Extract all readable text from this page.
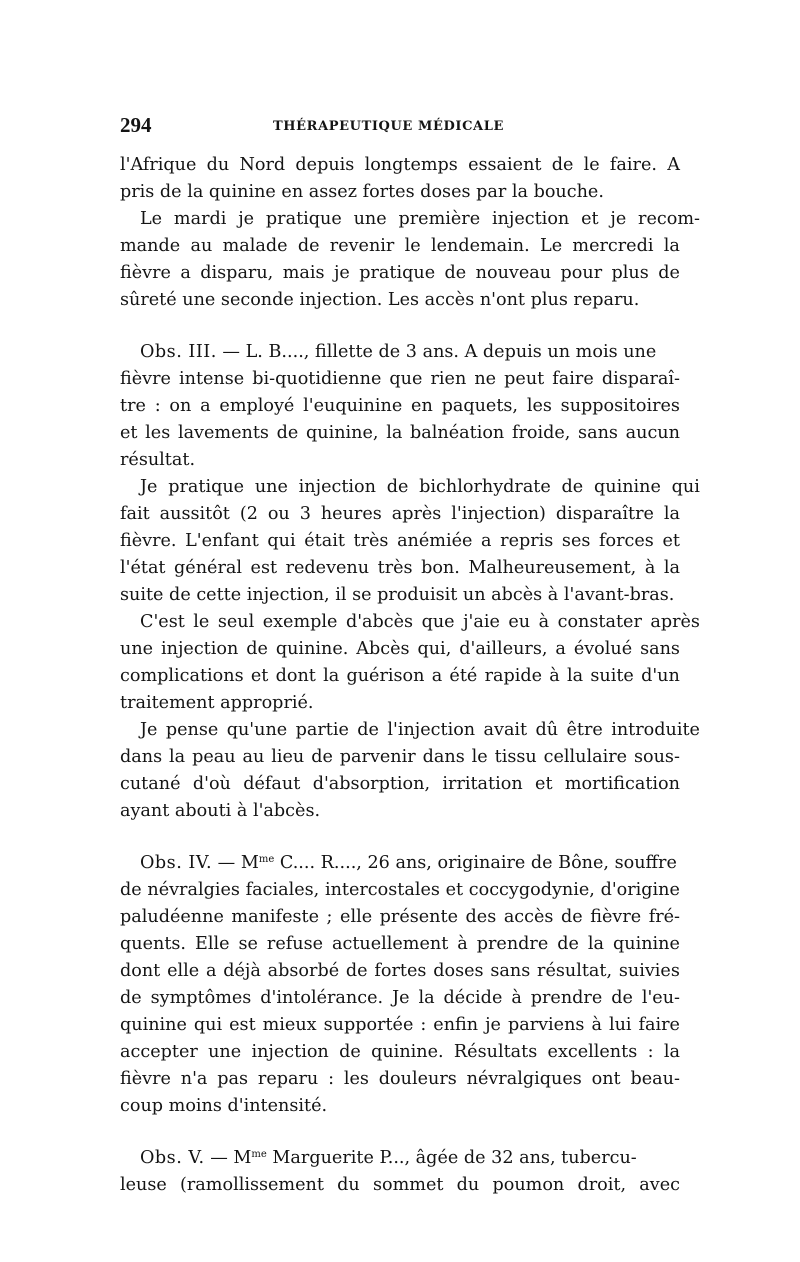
294	THÉRAPEUTIQUE MÉDICALE
l'Afrique du Nord depuis longtemps essaient de le faire. A
pris de la quinine en assez fortes doses par la bouche.
Le mardi je pratique une première injection et je recom-
mande au malade de revenir le lendemain. Le mercredi la
fièvre a disparu, mais je pratique de nouveau pour plus de
sûreté une seconde injection. Les accès n'ont plus reparu.
Obs. III. — L. B...., fillette de 3 ans. A depuis un mois une
fièvre intense bi-quotidienne que rien ne peut faire disparaî-
tre : on a employé l'euquinine en paquets, les suppositoires
et les lavements de quinine, la balnéation froide, sans aucun
résultat.
Je pratique une injection de bichlorhydrate de quinine qui
fait aussitôt (2 ou 3 heures après l'injection) disparaître la
fièvre. L'enfant qui était très anémiée a repris ses forces et
l'état général est redevenu très bon. Malheureusement, à la
suite de cette injection, il se produisit un abcès à l'avant-bras.
C'est le seul exemple d'abcès que j'aie eu à constater après
une injection de quinine. Abcès qui, d'ailleurs, a évolué sans
complications et dont la guérison a été rapide à la suite d'un
traitement approprié.
Je pense qu'une partie de l'injection avait dû être introduite
dans la peau au lieu de parvenir dans le tissu cellulaire sous-
cutané d'où défaut d'absorption, irritation et mortification
ayant abouti à l'abcès.
Obs. IV. — $M^{me}$ C.... R...., 26 ans, originaire de Bône, souffre
de névralgies faciales, intercostales et coccygodynie, d'origine
paludéenne manifeste ; elle présente des accès de fièvre fré-
quents. Elle se refuse actuellement à prendre de la quinine
dont elle a déjà absorbé de fortes doses sans résultat, suivies
de symptômes d'intolérance. Je la décide à prendre de l'eu-
quinine qui est mieux supportée : enfin je parviens à lui faire
accepter une injection de quinine. Résultats excellents : la
fièvre n'a pas reparu : les douleurs névralgiques ont beau-
coup moins d'intensité.
Obs. V. — $M^{me}$ Marguerite P..., âgée de 32 ans, tubercu-
leuse (ramollissement du sommet du poumon droit, avec
